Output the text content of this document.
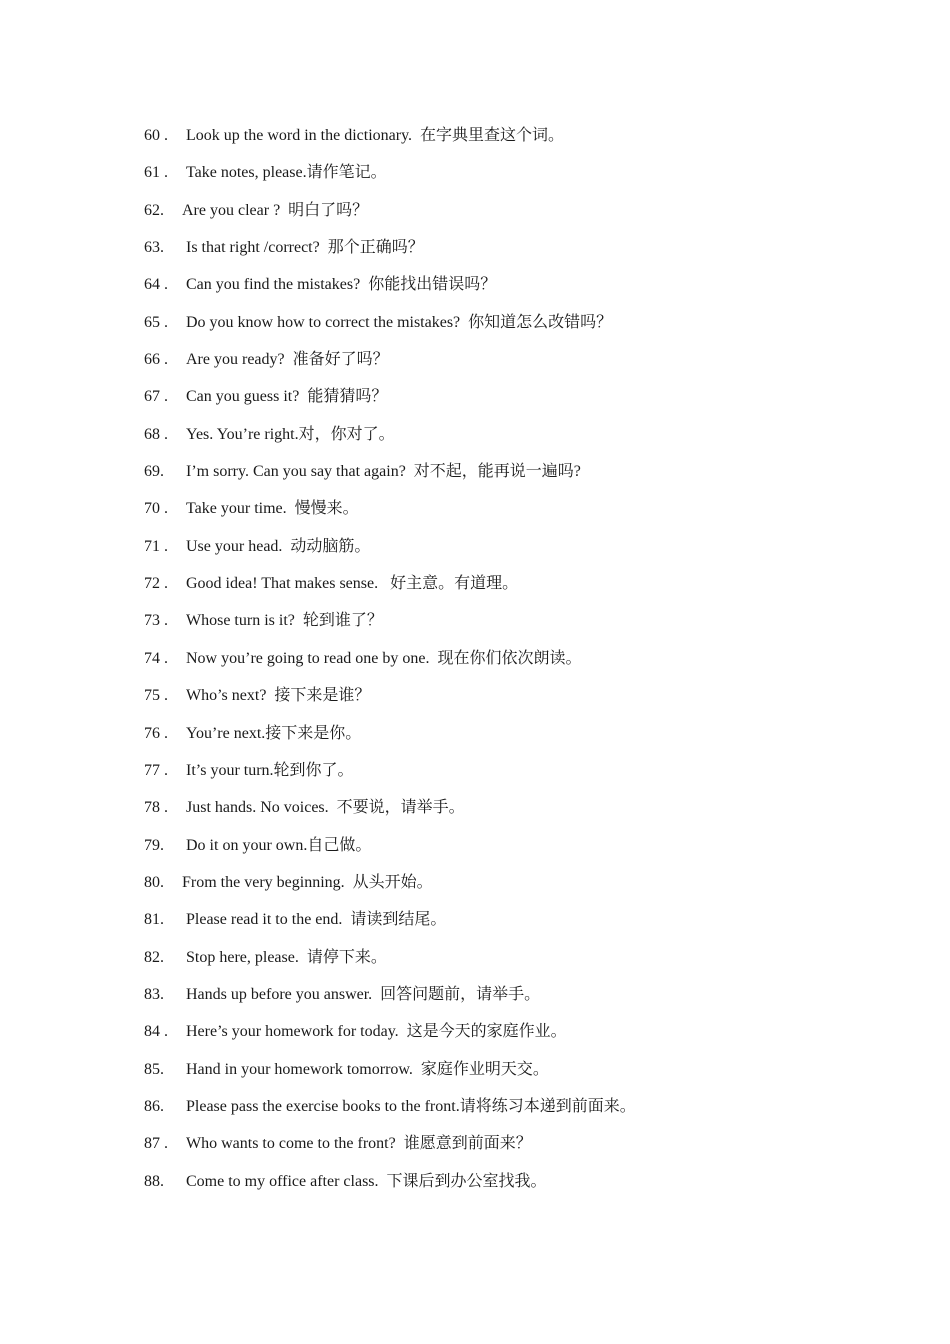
60 .	Look up the word in the dictionary.  在字典里查这个词。
61 .	Take notes, please.请作笔记。
62.	Are you clear ?  明白了吗？
63.	Is that right /correct?  那个正确吗？
64 .	Can you find the mistakes?  你能找出错误吗？
65 .	Do you know how to correct the mistakes?  你知道怎么改错吗？
66 .	Are you ready?  准备好了吗？
67 .	Can you guess it?  能猜猜吗？
68 .	Yes. You’re right.对，你对了。
69.	I’m sorry. Can you say that again?  对不起，能再说一遍吗?
70 .	Take your time.  慢慢来。
71 .	Use your head.  动动脑筋。
72 .	Good idea! That makes sense.   好主意。有道理。
73 .	Whose turn is it?  轮到谁了？
74 .	Now you’re going to read one by one.  现在你们依次朗读。
75 .	Who’s next?  接下来是谁？
76 .	You’re next.接下来是你。
77 .	It’s your turn.轮到你了。
78 .	Just hands. No voices.  不要说，请举手。
79.	Do it on your own.自己做。
80.	From the very beginning.  从头开始。
81.	Please read it to the end.  请读到结尾。
82.	Stop here, please.  请停下来。
83.	Hands up before you answer.  回答问题前，请举手。
84 .	Here’s your homework for today.  这是今天的家庭作业。
85.	Hand in your homework tomorrow.  家庭作业明天交。
86.	Please pass the exercise books to the front.请将练习本递到前面来。
87 .	Who wants to come to the front?  谁愿意到前面来？
88.	Come to my office after class.  下课后到办公室找我。
